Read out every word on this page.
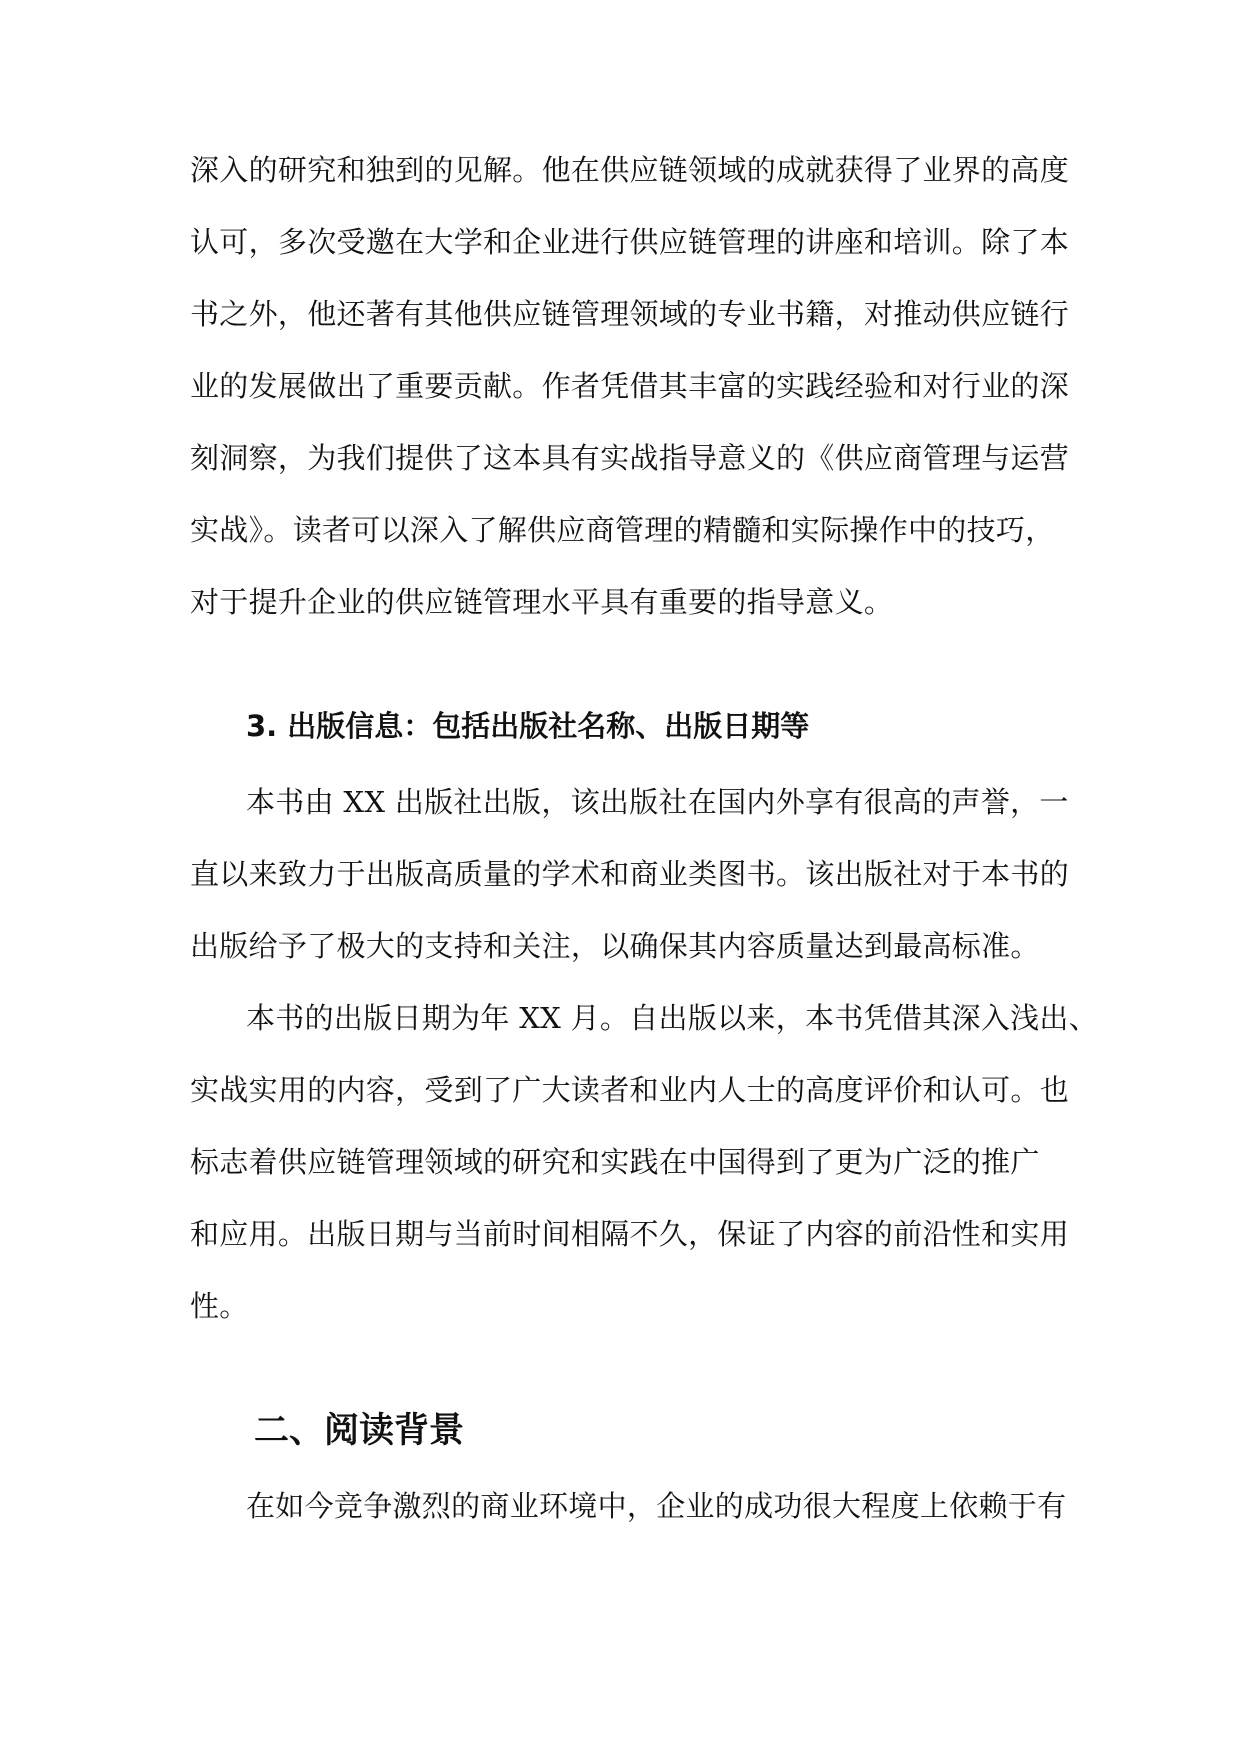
深入的研究和独到的见解。他在供应链领域的成就获得了业界的高度
认可，多次受邀在大学和企业进行供应链管理的讲座和培训。除了本
书之外，他还著有其他供应链管理领域的专业书籍，对推动供应链行
业的发展做出了重要贡献。作者凭借其丰富的实践经验和对行业的深
刻洞察，为我们提供了这本具有实战指导意义的《供应商管理与运营
实战》。读者可以深入了解供应商管理的精髓和实际操作中的技巧，
对于提升企业的供应链管理水平具有重要的指导意义。
3. 出版信息：包括出版社名称、出版日期等
本书由 XX 出版社出版，该出版社在国内外享有很高的声誉，一
直以来致力于出版高质量的学术和商业类图书。该出版社对于本书的
出版给予了极大的支持和关注，以确保其内容质量达到最高标准。
本书的出版日期为年 XX 月。自出版以来，本书凭借其深入浅出、
实战实用的内容，受到了广大读者和业内人士的高度评价和认可。也
标志着供应链管理领域的研究和实践在中国得到了更为广泛的推广
和应用。出版日期与当前时间相隔不久，保证了内容的前沿性和实用
性。
二、阅读背景
在如今竞争激烈的商业环境中，企业的成功很大程度上依赖于有
